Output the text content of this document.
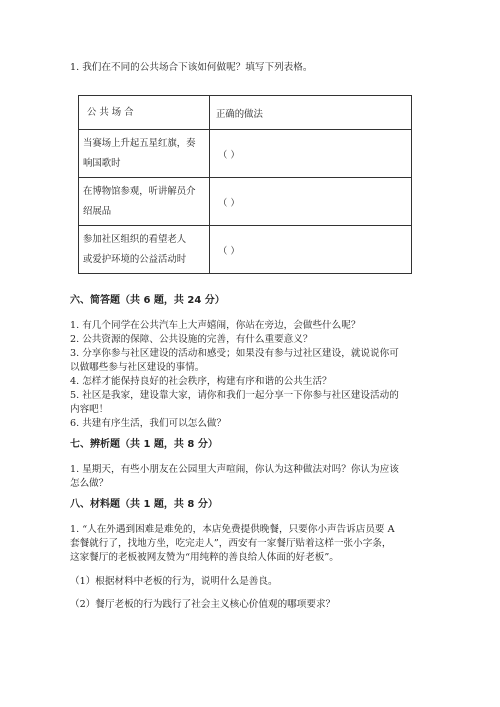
1. 我们在不同的公共场合下该如何做呢？填写下列表格。
公 共 场 合	正确的做法

当赛场上升起五星红旗，奏
响国歌时	（ ）

在博物馆参观，听讲解员介
绍展品	（ ）

参加社区组织的看望老人
或爱护环境的公益活动时	（ ）
六、简答题（共 6 题，共 24 分）
1. 有几个同学在公共汽车上大声嬉闹，你站在旁边，会做些什么呢？
2. 公共资源的保障、公共设施的完善，有什么重要意义？
3. 分享你参与社区建设的活动和感受；如果没有参与过社区建设，就说说你可
以做哪些参与社区建设的事情。
4. 怎样才能保持良好的社会秩序，构建有序和谐的公共生活？
5. 社区是我家，建设靠大家，请你和我们一起分享一下你参与社区建设活动的
内容吧！
6. 共建有序生活，我们可以怎么做？
七、辨析题（共 1 题，共 8 分）
1. 星期天，有些小朋友在公园里大声喧闹，你认为这种做法对吗？你认为应该
怎么做？
八、材料题（共 1 题，共 8 分）
1. “人在外遇到困难是难免的，本店免费提供晚餐，只要你小声告诉店员要 A
套餐就行了，找地方坐，吃完走人”，西安有一家餐厅贴着这样一张小字条，
这家餐厅的老板被网友赞为“用纯粹的善良给人体面的好老板”。
（1）根据材料中老板的行为，说明什么是善良。
（2）餐厅老板的行为践行了社会主义核心价值观的哪项要求？
